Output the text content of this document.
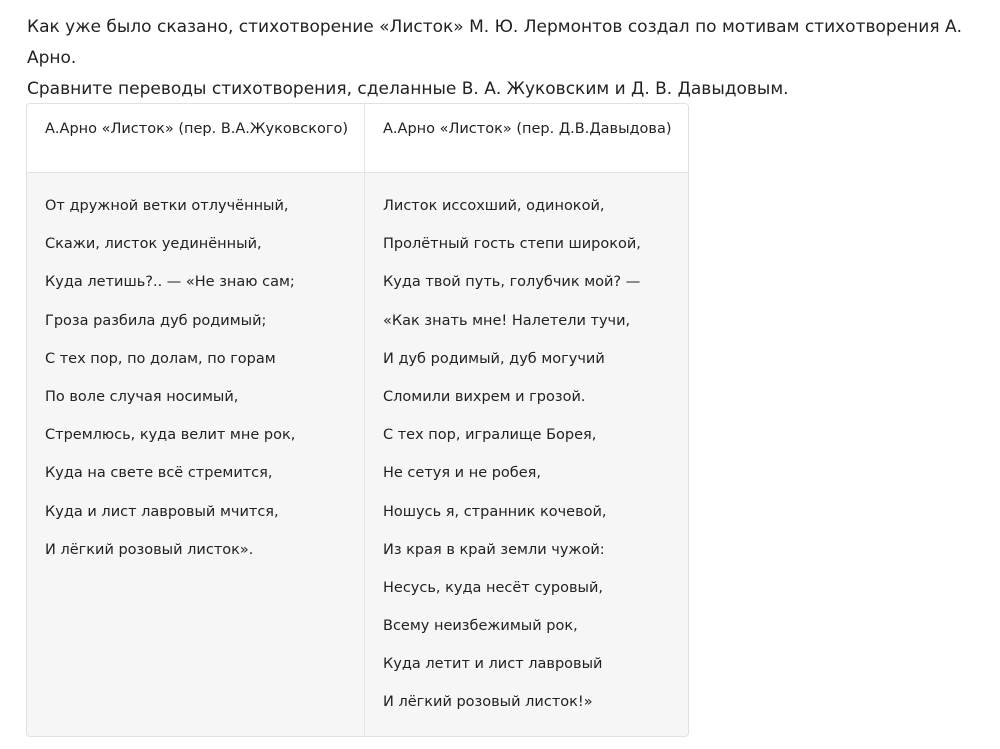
Как уже было сказано, стихотворение «Листок» М. Ю. Лермонтов создал по мотивам стихотворения А. Арно.

Сравните переводы стихотворения, сделанные В. А. Жуковским и Д. В. Давыдовым.

А.Арно «Листок» (пер. В.А.Жуковского)	А.Арно «Листок» (пер. Д.В.Давыдова)
От дружной ветки отлучённый,
Скажи, листок уединённый,
Куда летишь?.. — «Не знаю сам;
Гроза разбила дуб родимый;
С тех пор, по долам, по горам
По воле случая носимый,
Стремлюсь, куда велит мне рок,
Куда на свете всё стремится,
Куда и лист лавровый мчится,
И лёгкий розовый листок».
Листок иссохший, одинокой,
Пролётный гость степи широкой,
Куда твой путь, голубчик мой? —
«Как знать мне! Налетели тучи,
И дуб родимый, дуб могучий
Сломили вихрем и грозой.
С тех пор, игралище Борея,
Не сетуя и не робея,
Ношусь я, странник кочевой,
Из края в край земли чужой:
Несусь, куда несёт суровый,
Всему неизбежимый рок,
Куда летит и лист лавровый
И лёгкий розовый листок!»
